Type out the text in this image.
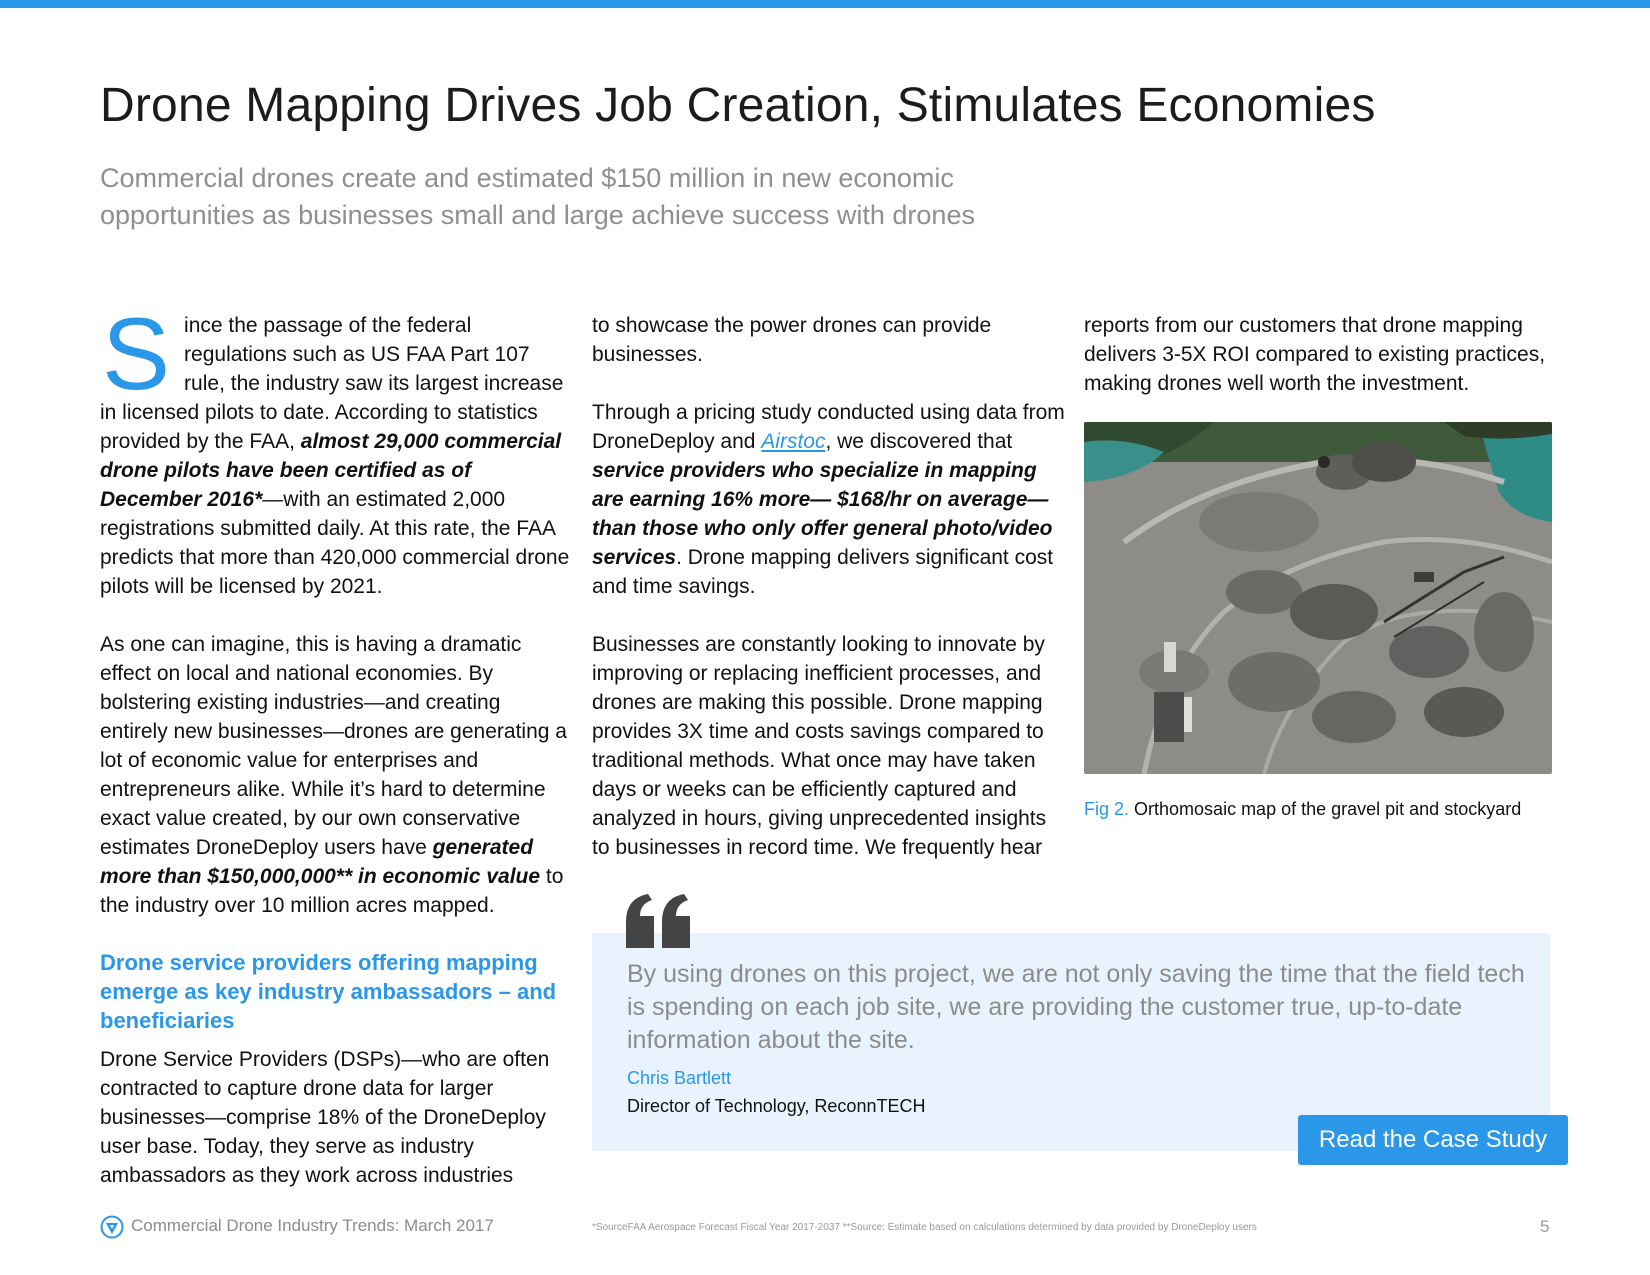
Drone Mapping Drives Job Creation, Stimulates Economies

Commercial drones create and estimated $150 million in new economic opportunities as businesses small and large achieve success with drones

Since the passage of the federal regulations such as US FAA Part 107 rule, the industry saw its largest increase in licensed pilots to date. According to statistics provided by the FAA, almost 29,000 commercial drone pilots have been certified as of December 2016*—with an estimated 2,000 registrations submitted daily. At this rate, the FAA predicts that more than 420,000 commercial drone pilots will be licensed by 2021.

As one can imagine, this is having a dramatic effect on local and national economies. By bolstering existing industries—and creating entirely new businesses—drones are generating a lot of economic value for enterprises and entrepreneurs alike. While it’s hard to determine exact value created, by our own conservative estimates DroneDeploy users have generated more than $150,000,000** in economic value to the industry over 10 million acres mapped.

Drone service providers offering mapping emerge as key industry ambassadors – and beneficiaries

Drone Service Providers (DSPs)—who are often contracted to capture drone data for larger businesses—comprise 18% of the DroneDeploy user base. Today, they serve as industry ambassadors as they work across industries

to showcase the power drones can provide businesses.

Through a pricing study conducted using data from DroneDeploy and Airstoc, we discovered that service providers who specialize in mapping are earning 16% more— $168/hr on average—than those who only offer general photo/video services. Drone mapping delivers significant cost and time savings.

Businesses are constantly looking to innovate by improving or replacing inefficient processes, and drones are making this possible. Drone mapping provides 3X time and costs savings compared to traditional methods. What once may have taken days or weeks can be efficiently captured and analyzed in hours, giving unprecedented insights to businesses in record time. We frequently hear

reports from our customers that drone mapping delivers 3-5X ROI compared to existing practices, making drones well worth the investment.

Fig 2. Orthomosaic map of the gravel pit and stockyard

By using drones on this project, we are not only saving the time that the field tech is spending on each job site, we are providing the customer true, up-to-date information about the site.

Chris Bartlett
Director of Technology, ReconnTECH
Read the Case Study
Commercial Drone Industry Trends: March 2017	*SourceFAA Aerospace Forecast Fiscal Year 2017-2037 **Source: Estimate based on calculations determined by data provided by DroneDeploy users	5
